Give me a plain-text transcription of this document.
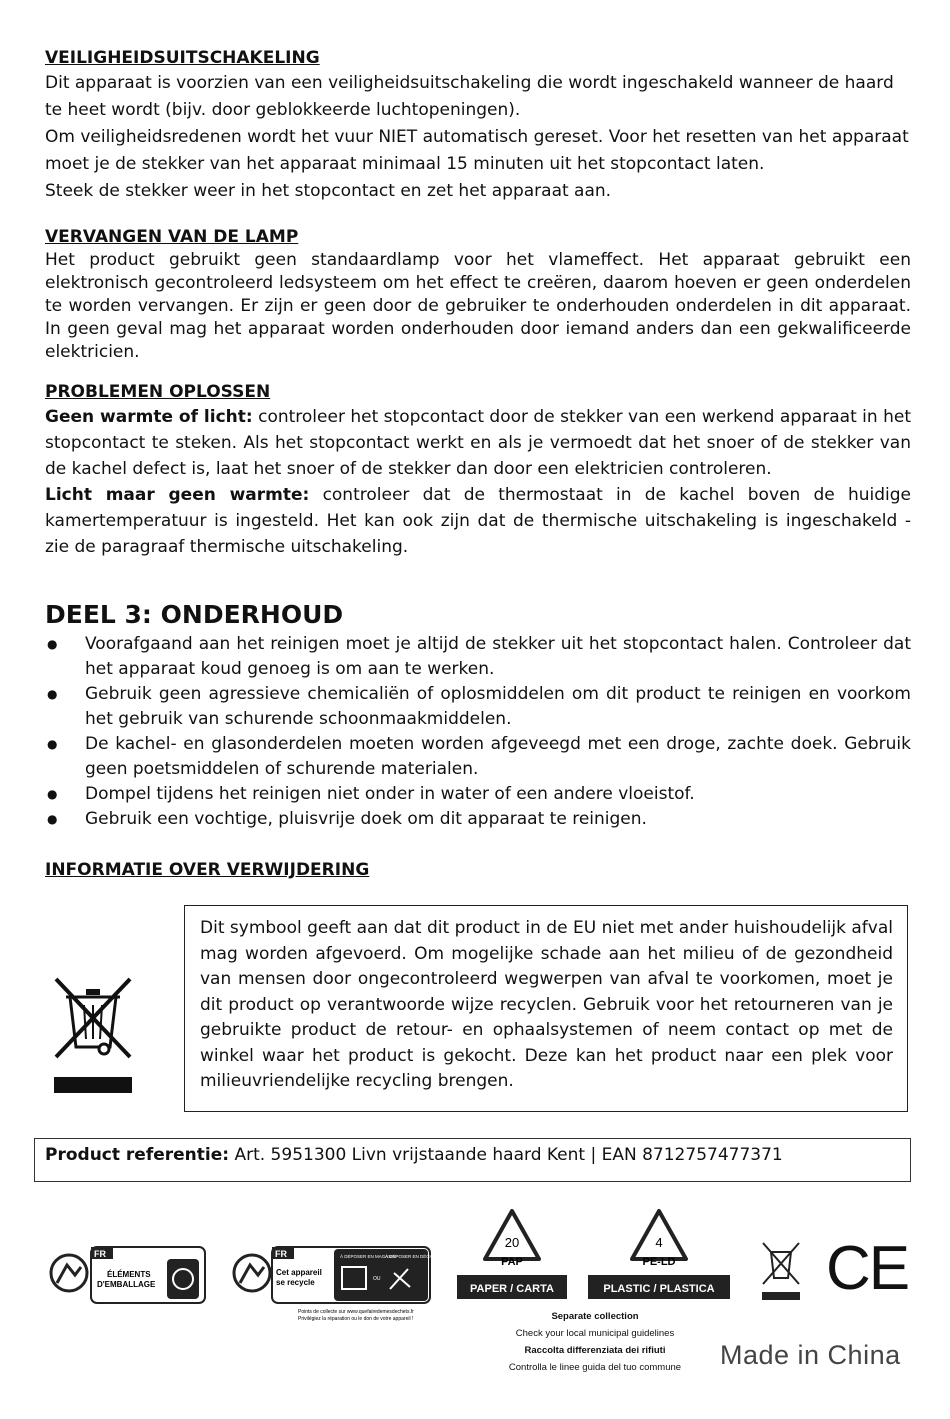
VEILIGHEIDSUITSCHAKELING

Dit apparaat is voorzien van een veiligheidsuitschakeling die wordt ingeschakeld wanneer de haard te heet wordt (bijv. door geblokkeerde luchtopeningen).

Om veiligheidsredenen wordt het vuur NIET automatisch gereset. Voor het resetten van het apparaat moet je de stekker van het apparaat minimaal 15 minuten uit het stopcontact laten.

Steek de stekker weer in het stopcontact en zet het apparaat aan.

VERVANGEN VAN DE LAMP

Het product gebruikt geen standaardlamp voor het vlameffect. Het apparaat gebruikt een elektronisch gecontroleerd ledsysteem om het effect te creëren, daarom hoeven er geen onderdelen te worden vervangen. Er zijn er geen door de gebruiker te onderhouden onderdelen in dit apparaat. In geen geval mag het apparaat worden onderhouden door iemand anders dan een gekwalificeerde elektricien.

PROBLEMEN OPLOSSEN

Geen warmte of licht: controleer het stopcontact door de stekker van een werkend apparaat in het stopcontact te steken. Als het stopcontact werkt en als je vermoedt dat het snoer of de stekker van de kachel defect is, laat het snoer of de stekker dan door een elektricien controleren.

Licht maar geen warmte: controleer dat de thermostaat in de kachel boven de huidige kamertemperatuur is ingesteld. Het kan ook zijn dat de thermische uitschakeling is ingeschakeld - zie de paragraaf thermische uitschakeling.

DEEL 3: ONDERHOUD

● Voorafgaand aan het reinigen moet je altijd de stekker uit het stopcontact halen. Controleer dat het apparaat koud genoeg is om aan te werken.
● Gebruik geen agressieve chemicaliën of oplosmiddelen om dit product te reinigen en voorkom het gebruik van schurende schoonmaakmiddelen.
● De kachel- en glasonderdelen moeten worden afgeveegd met een droge, zachte doek. Gebruik geen poetsmiddelen of schurende materialen.
● Dompel tijdens het reinigen niet onder in water of een andere vloeistof.
● Gebruik een vochtige, pluisvrije doek om dit apparaat te reinigen.

INFORMATIE OVER VERWIJDERING

Dit symbool geeft aan dat dit product in de EU niet met ander huishoudelijk afval mag worden afgevoerd. Om mogelijke schade aan het milieu of de gezondheid van mensen door ongecontroleerd wegwerpen van afval te voorkomen, moet je dit product op verantwoorde wijze recyclen. Gebruik voor het retourneren van je gebruikte product de retour- en ophaalsystemen of neem contact op met de winkel waar het product is gekocht. Deze kan het product naar een plek voor milieuvriendelijke recycling brengen.

Product referentie: Art. 5951300 Livn vrijstaande haard Kent | EAN 8712757477371
FR
ÉLÉMENTS
D'EMBALLAGE
FR
Cet appareil
se recycle
À DÉPOSER EN MAGASIN
OU
À DÉPOSER EN DÉCHETERIE
Points de collecte sur www.quefairedemesdechets.fr
Privilégiez la réparation ou le don de votre appareil !
20
PAP
PAPER / CARTA
4
PE-LD
PLASTIC / PLASTICA
Separate collection
Check your local municipal guidelines
Raccolta differenziata dei rifiuti
Controlla le linee guida del tuo commune
CE
Made in China
